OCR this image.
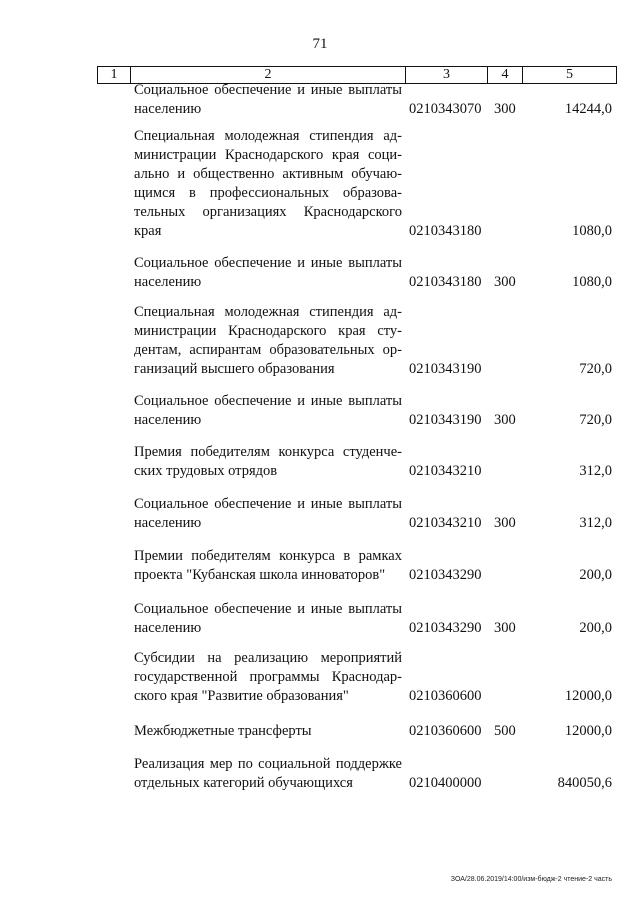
71
1	2	3	4	5
Социальное обеспечение и иные выплаты населению	0210343070 300	14244,0
Специальная молодежная стипендия администрации Краснодарского края социально и общественно активным обучающимся в профессиональных образовательных организациях Краснодарского края	0210343180	1080,0
Социальное обеспечение и иные выплаты населению	0210343180 300	1080,0
Специальная молодежная стипендия администрации Краснодарского края студентам, аспирантам образовательных организаций высшего образования	0210343190	720,0
Социальное обеспечение и иные выплаты населению	0210343190 300	720,0
Премия победителям конкурса студенческих трудовых отрядов	0210343210	312,0
Социальное обеспечение и иные выплаты населению	0210343210 300	312,0
Премии победителям конкурса в рамках проекта "Кубанская школа инноваторов"	0210343290	200,0
Социальное обеспечение и иные выплаты населению	0210343290 300	200,0
Субсидии на реализацию мероприятий государственной программы Краснодарского края "Развитие образования"	0210360600	12000,0
Межбюджетные трансферты	0210360600 500	12000,0
Реализация мер по социальной поддержке отдельных категорий обучающихся	0210400000	840050,6
ЗОА/28.06.2019/14:00/изм-бюдж-2 чтение-2 часть
